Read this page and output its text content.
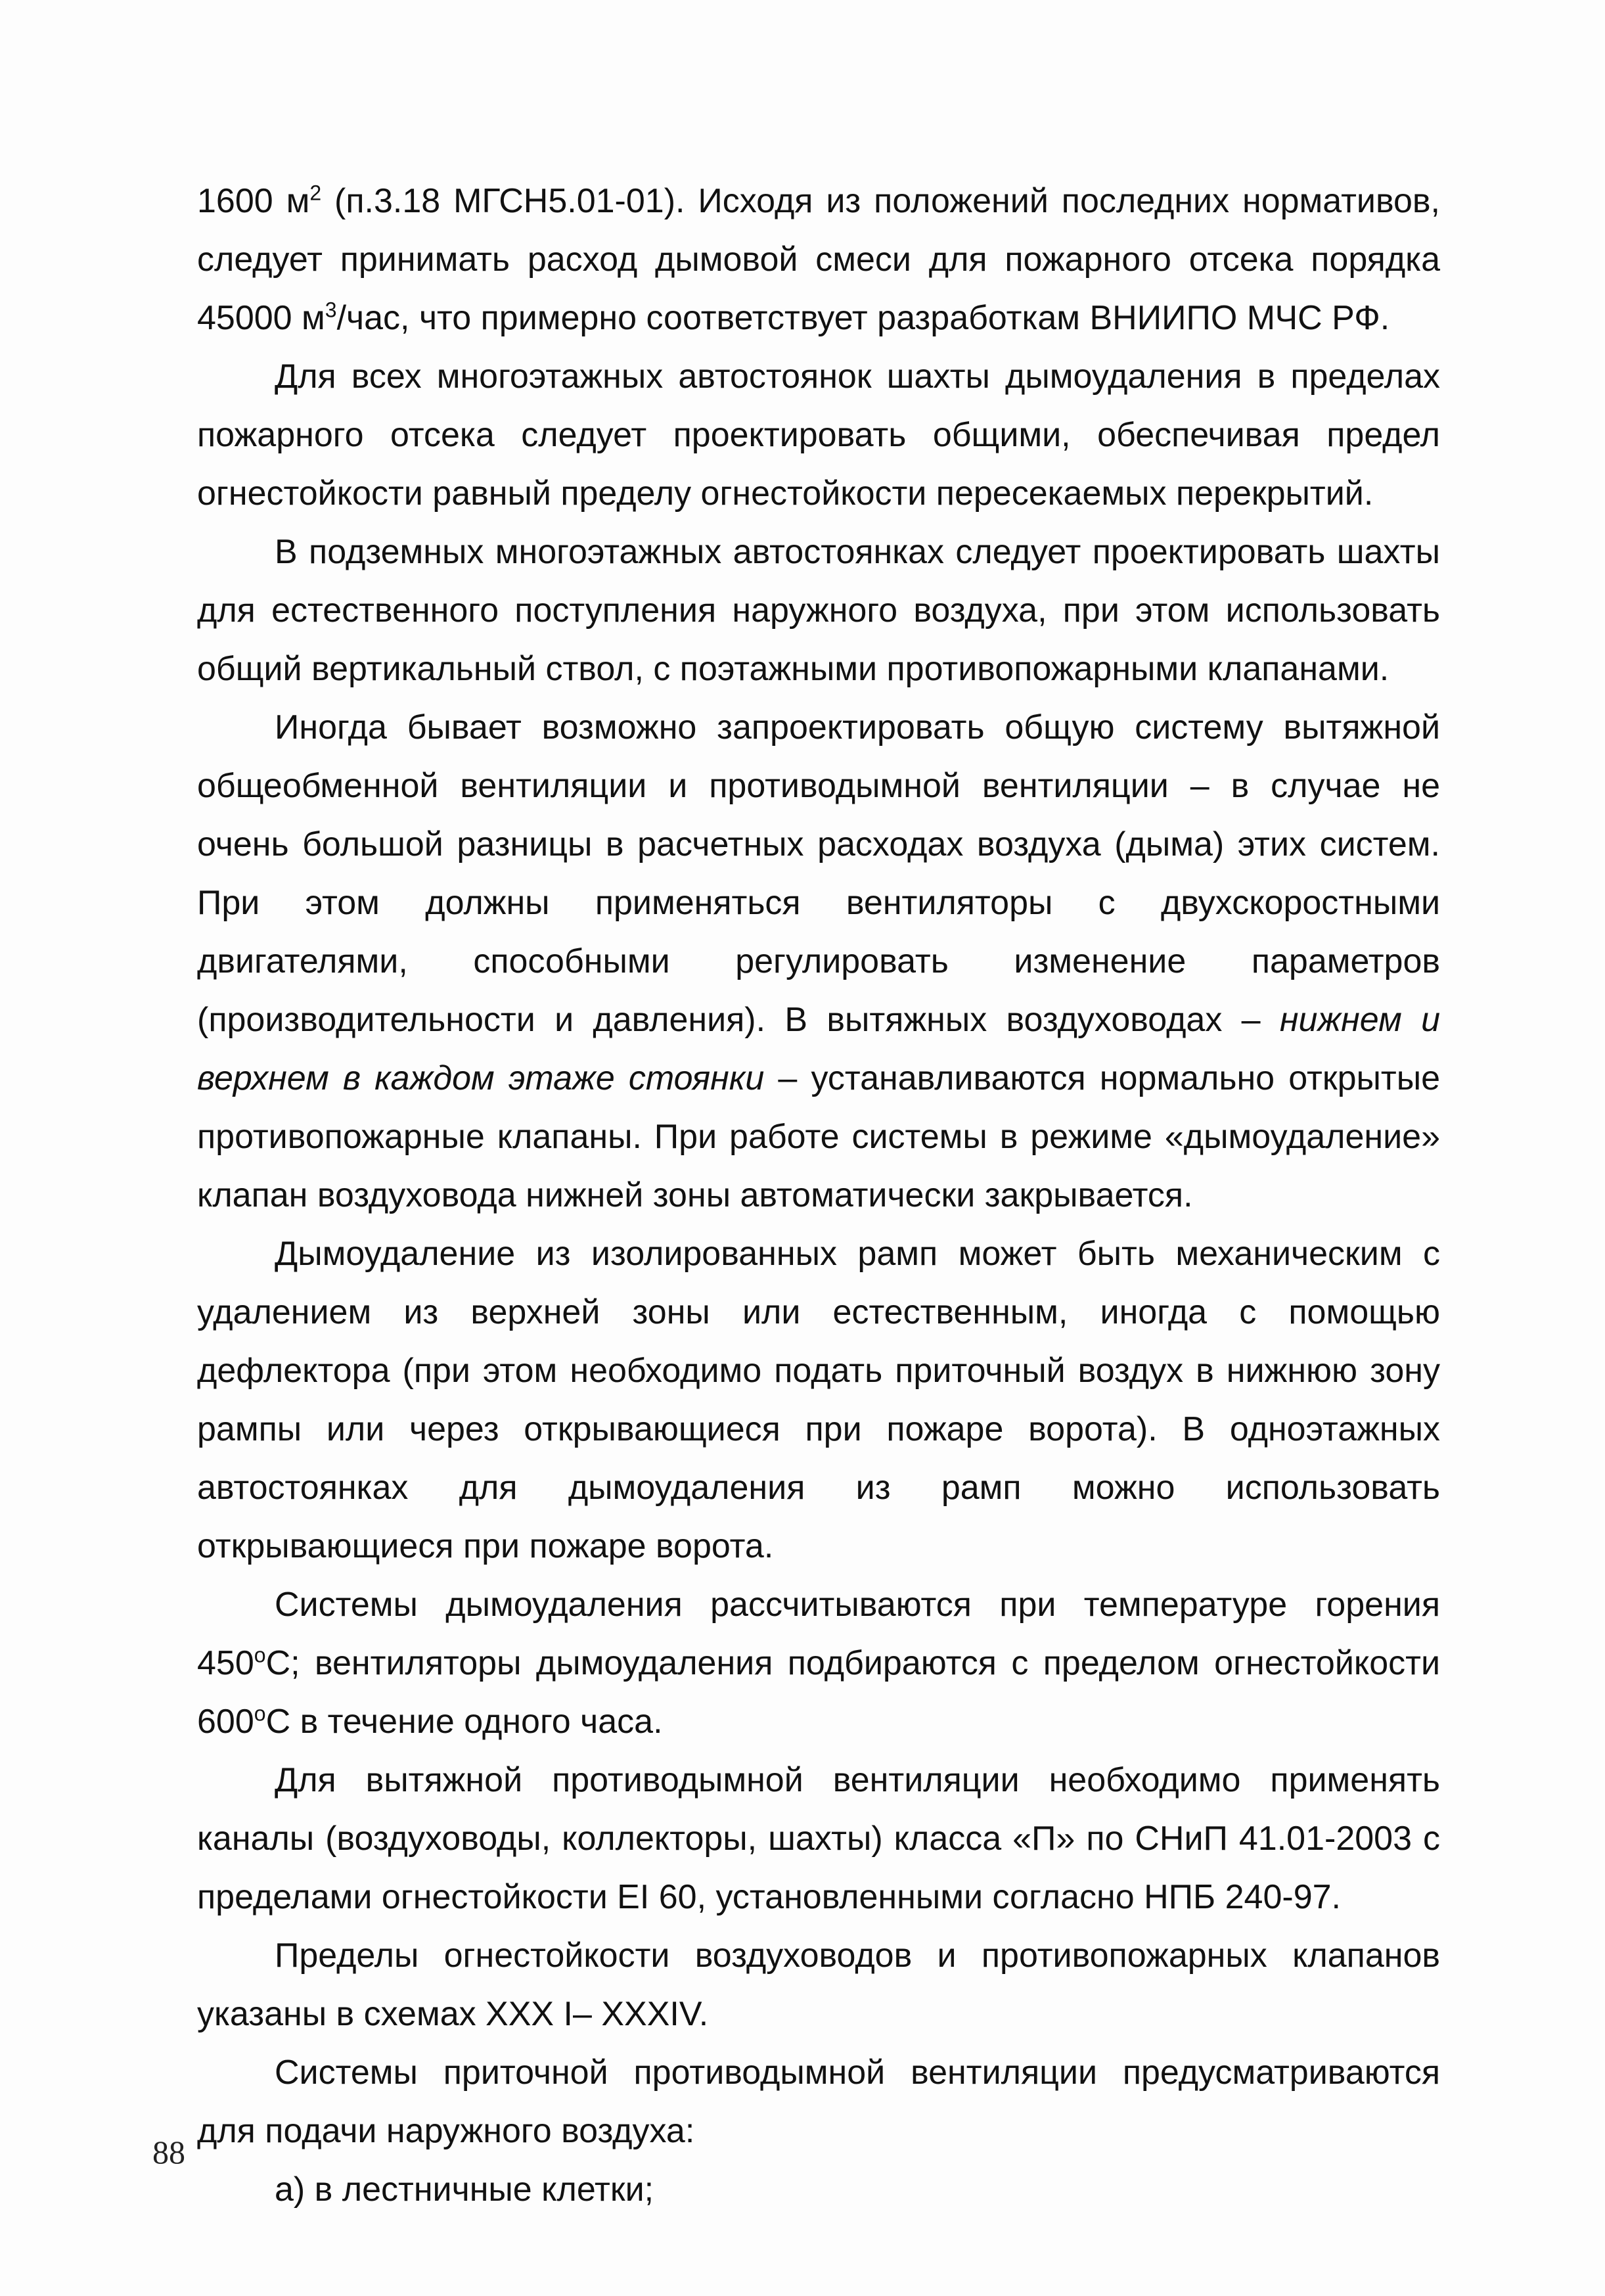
1600 $м^2$ (п.3.18 МГСН5.01-01). Исходя из положений последних нормативов, следует принимать расход дымовой смеси для пожарного отсека порядка 45000 $м^3$/час, что примерно соответствует разработкам ВНИИПО МЧС РФ.

Для всех многоэтажных автостоянок шахты дымоудаления в пределах пожарного отсека следует проектировать общими, обеспечивая предел огнестойкости равный пределу огнестойкости пересекаемых перекрытий.

В подземных многоэтажных автостоянках следует проектировать шахты для естественного поступления наружного воздуха, при этом использовать общий вертикальный ствол, с поэтажными противопожарными клапанами.

Иногда бывает возможно запроектировать общую систему вытяжной общеобменной вентиляции и противодымной вентиляции – в случае не очень большой разницы в расчетных расходах воздуха (дыма) этих систем. При этом должны применяться вентиляторы с двухскоростными двигателями, способными регулировать изменение параметров (производительности и давления). В вытяжных воздуховодах – нижнем и верхнем в каждом этаже стоянки – устанавливаются нормально открытые противопожарные клапаны. При работе системы в режиме «дымоудаление» клапан воздуховода нижней зоны автоматически закрывается.

Дымоудаление из изолированных рамп может быть механическим с удалением из верхней зоны или естественным, иногда с помощью дефлектора (при этом необходимо подать приточный воздух в нижнюю зону рампы или через открывающиеся при пожаре ворота). В одноэтажных автостоянках для дымоудаления из рамп можно использовать открывающиеся при пожаре ворота.

Системы дымоудаления рассчитываются при температуре горения 450$^o$С; вентиляторы дымоудаления подбираются с пределом огнестойкости 600$^o$С в течение одного часа.

Для вытяжной противодымной вентиляции необходимо применять каналы (воздуховоды, коллекторы, шахты) класса «П» по СНиП 41.01-2003 с пределами огнестойкости EI 60, установленными согласно НПБ 240-97.

Пределы огнестойкости воздуховодов и противопожарных клапанов указаны в схемах XXX I– XXXIV.

Системы приточной противодымной вентиляции предусматриваются для подачи наружного воздуха:

а) в лестничные клетки;

88
